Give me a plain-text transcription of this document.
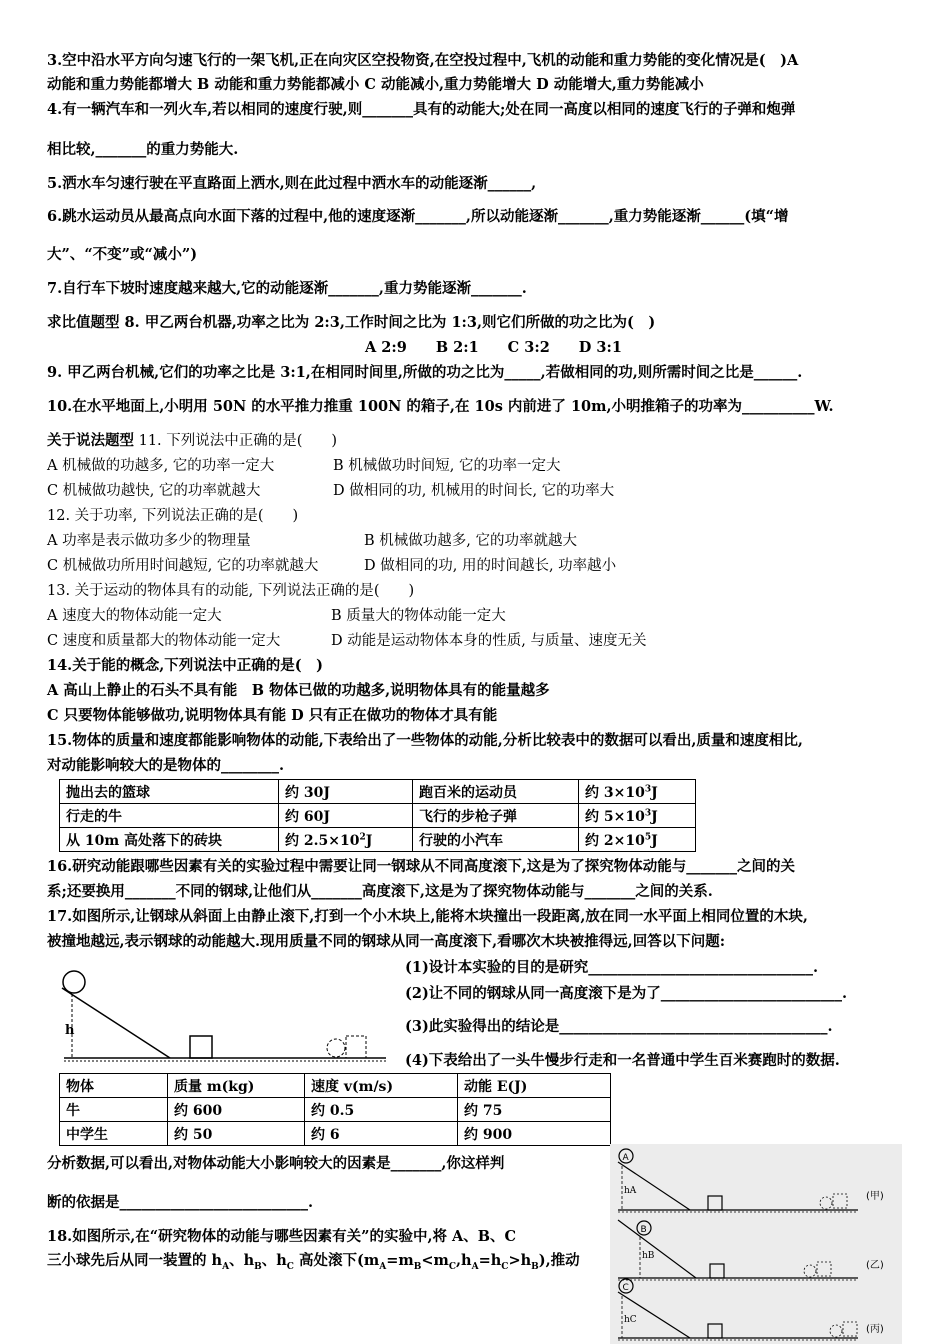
3.空中沿水平方向匀速飞行的一架飞机,正在向灾区空投物资,在空投过程中,飞机的动能和重力势能的变化情况是(　)A
动能和重力势能都增大 B 动能和重力势能都减小 C 动能减小,重力势能增大 D 动能增大,重力势能减小
4.有一辆汽车和一列火车,若以相同的速度行驶,则_______具有的动能大;处在同一高度以相同的速度飞行的子弹和炮弹
相比较,_______的重力势能大.
5.洒水车匀速行驶在平直路面上洒水,则在此过程中洒水车的动能逐渐______,
6.跳水运动员从最高点向水面下落的过程中,他的速度逐渐_______,所以动能逐渐_______,重力势能逐渐______(填“增
大”、“不变”或“减小”)
7.自行车下坡时速度越来越大,它的动能逐渐_______,重力势能逐渐_______.
求比值题型 8. 甲乙两台机器,功率之比为 2:3,工作时间之比为 1:3,则它们所做的功之比为(　)
A 2:9　　B 2:1　　C 3:2　　D 3:1
9. 甲乙两台机械,它们的功率之比是 3:1,在相同时间里,所做的功之比为_____,若做相同的功,则所需时间之比是______.
10.在水平地面上,小明用 50N 的水平推力推重 100N 的箱子,在 10s 内前进了 10m,小明推箱子的功率为__________W.
关于说法题型 11. 下列说法中正确的是(　　)
A 机械做的功越多, 它的功率一定大	B 机械做功时间短, 它的功率一定大
C 机械做功越快, 它的功率就越大	D 做相同的功, 机械用的时间长, 它的功率大
12. 关于功率, 下列说法正确的是(　　)
A 功率是表示做功多少的物理量	B 机械做功越多, 它的功率就越大
C 机械做功所用时间越短, 它的功率就越大	D 做相同的功, 用的时间越长, 功率越小
13. 关于运动的物体具有的动能, 下列说法正确的是(　　)
A 速度大的物体动能一定大	B 质量大的物体动能一定大
C 速度和质量都大的物体动能一定大	D 动能是运动物体本身的性质, 与质量、速度无关
14.关于能的概念,下列说法中正确的是(　)
A 高山上静止的石头不具有能　B 物体已做的功越多,说明物体具有的能量越多
C 只要物体能够做功,说明物体具有能 D 只有正在做功的物体才具有能
15.物体的质量和速度都能影响物体的动能,下表给出了一些物体的动能,分析比较表中的数据可以看出,质量和速度相比,
对动能影响较大的是物体的________.
抛出去的篮球	约 30J	跑百米的运动员	约 $3\times 10^3J$
行走的牛	约 60J	飞行的步枪子弹	约 $5\times 10^3J$
从 10m 高处落下的砖块	约 $2.5\times 10^2J$	行驶的小汽车	约 $2\times 10^5J$
16.研究动能跟哪些因素有关的实验过程中需要让同一钢球从不同高度滚下,这是为了探究物体动能与_______之间的关
系;还要换用_______不同的钢球,让他们从_______高度滚下,这是为了探究物体动能与_______之间的关系.
17.如图所示,让钢球从斜面上由静止滚下,打到一个小木块上,能将木块撞出一段距离,放在同一水平面上相同位置的木块,
被撞地越远,表示钢球的动能越大.现用质量不同的钢球从同一高度滚下,看哪次木块被推得远,回答以下问题:
h
(1)设计本实验的目的是研究_______________________________.
(2)让不同的钢球从同一高度滚下是为了_________________________.
(3)此实验得出的结论是_____________________________________.
(4)下表给出了一头牛慢步行走和一名普通中学生百米赛跑时的数据.
物体	质量 m(kg)	速度 v(m/s)	动能 E(J)
牛	约 600	约 0.5	约 75
中学生	约 50	约 6	约 900
分析数据,可以看出,对物体动能大小影响较大的因素是_______,你这样判
断的依据是__________________________.
18.如图所示,在“研究物体的动能与哪些因素有关”的实验中,将 A、B、C
三小球先后从同一装置的 $h_A$、$h_B$、$h_C$ 高处滚下$(m_A=m_B<m_C,h_A=h_C>h_B)$,推动
A
hA	(甲)
B
hB
(乙)
C
hC
(丙)
